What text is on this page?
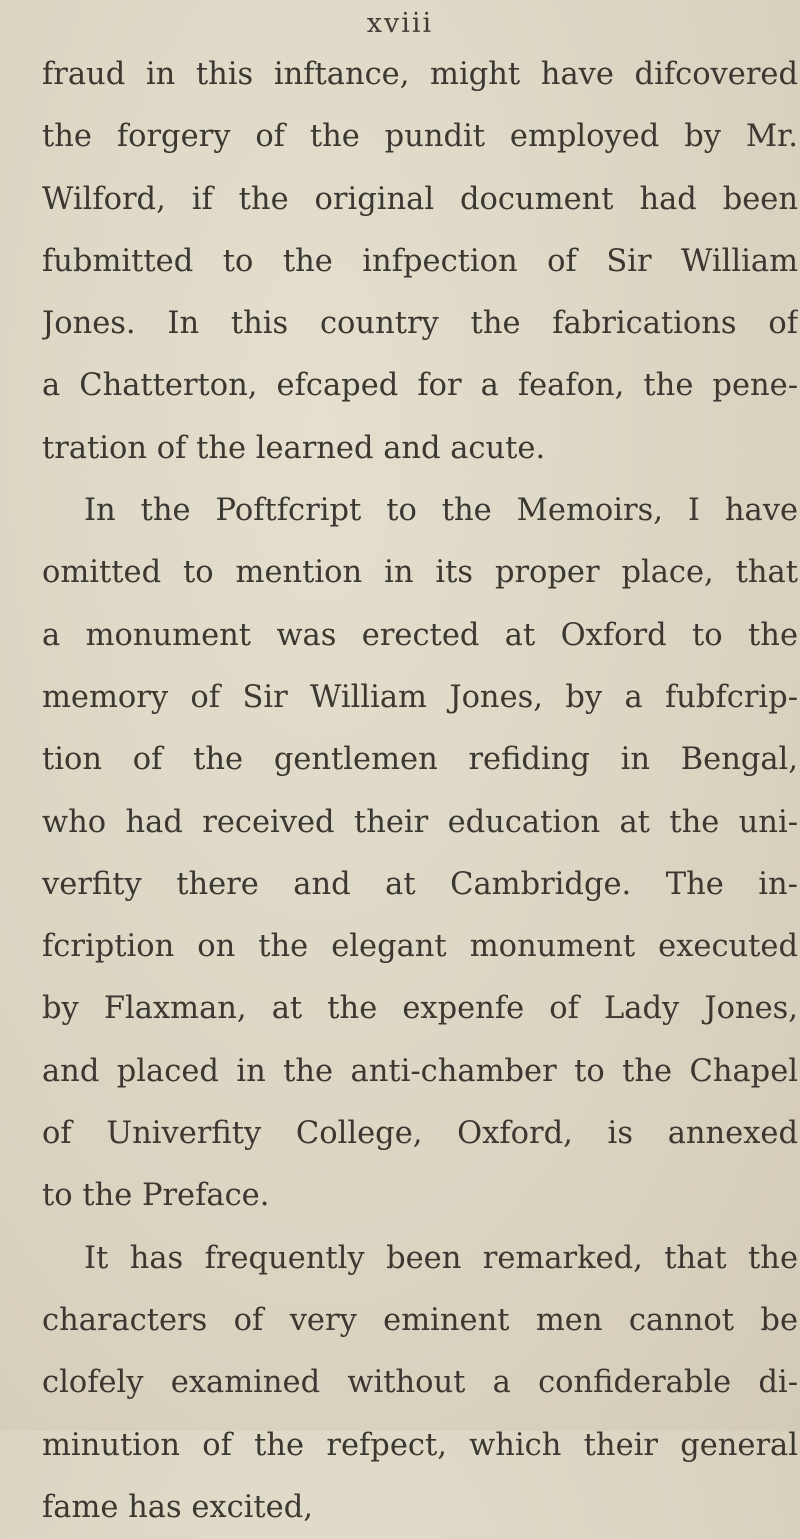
xviii
fraud in this inftance, might have difcovered
the forgery of the pundit employed by Mr.
Wilford, if the original document had been
fubmitted to the infpection of Sir William
Jones. In this country the fabrications of
a Chatterton, efcaped for a feafon, the pene-
tration of the learned and acute.
In the Poftfcript to the Memoirs, I have
omitted to mention in its proper place, that
a monument was erected at Oxford to the
memory of Sir William Jones, by a fubfcrip-
tion of the gentlemen refiding in Bengal,
who had received their education at the uni-
verfity there and at Cambridge. The in-
fcription on the elegant monument executed
by Flaxman, at the expenfe of Lady Jones,
and placed in the anti-chamber to the Chapel
of Univerfity College, Oxford, is annexed
to the Preface.
It has frequently been remarked, that the
characters of very eminent men cannot be
clofely examined without a confiderable di-
minution of the refpect, which their general
fame has excited,
